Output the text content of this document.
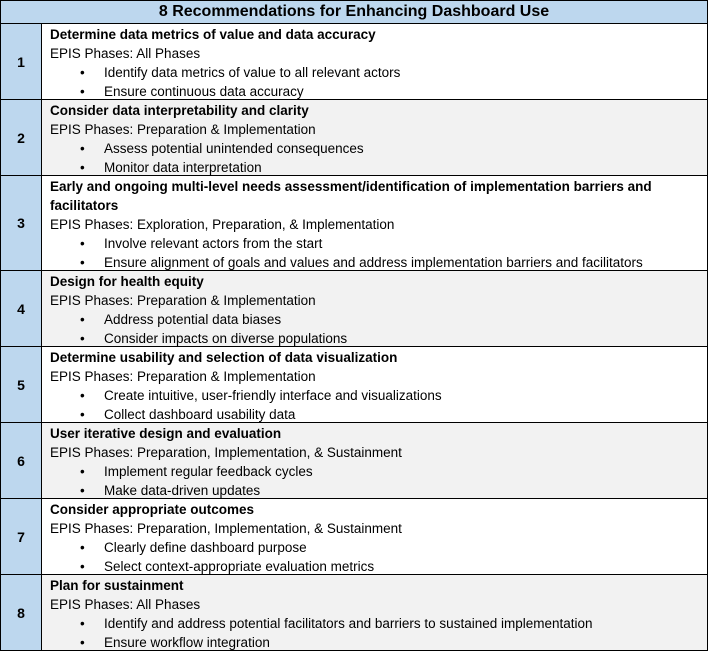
8 Recommendations for Enhancing Dashboard Use
1
Determine data metrics of value and data accuracy
EPIS Phases: All Phases
• Identify data metrics of value to all relevant actors
• Ensure continuous data accuracy
2
Consider data interpretability and clarity
EPIS Phases: Preparation & Implementation
• Assess potential unintended consequences
• Monitor data interpretation
3
Early and ongoing multi-level needs assessment/identification of implementation barriers and facilitators
EPIS Phases: Exploration, Preparation, & Implementation
• Involve relevant actors from the start
• Ensure alignment of goals and values and address implementation barriers and facilitators
4
Design for health equity
EPIS Phases: Preparation & Implementation
• Address potential data biases
• Consider impacts on diverse populations
5
Determine usability and selection of data visualization
EPIS Phases: Preparation & Implementation
• Create intuitive, user-friendly interface and visualizations
• Collect dashboard usability data
6
User iterative design and evaluation
EPIS Phases: Preparation, Implementation, & Sustainment
• Implement regular feedback cycles
• Make data-driven updates
7
Consider appropriate outcomes
EPIS Phases: Preparation, Implementation, & Sustainment
• Clearly define dashboard purpose
• Select context-appropriate evaluation metrics
8
Plan for sustainment
EPIS Phases: All Phases
• Identify and address potential facilitators and barriers to sustained implementation
• Ensure workflow integration
